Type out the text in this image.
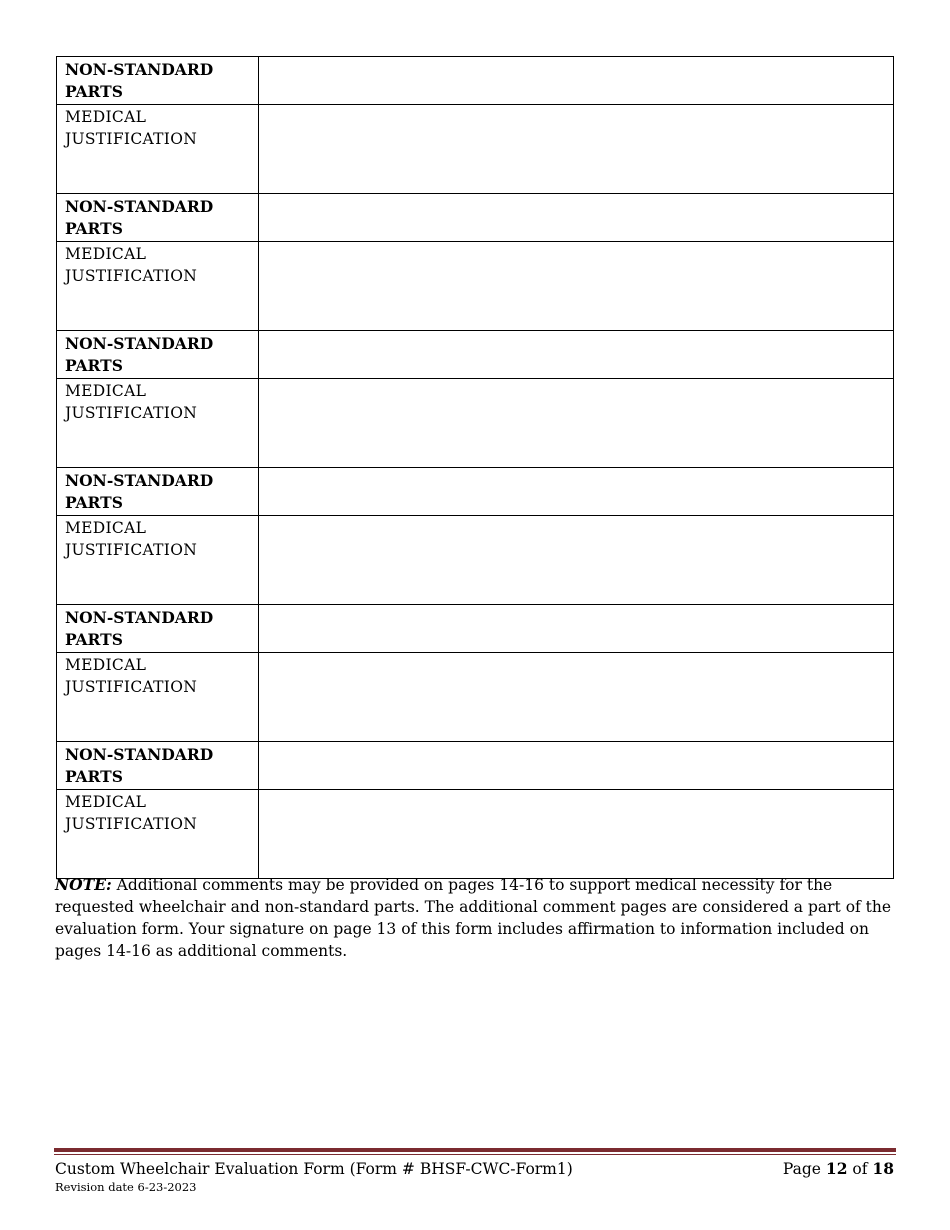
NON-STANDARD PARTS	
MEDICAL JUSTIFICATION	
NON-STANDARD PARTS	
MEDICAL JUSTIFICATION	
NON-STANDARD PARTS	
MEDICAL JUSTIFICATION	
NON-STANDARD PARTS	
MEDICAL JUSTIFICATION	
NON-STANDARD PARTS	
MEDICAL JUSTIFICATION	
NON-STANDARD PARTS	
MEDICAL JUSTIFICATION	

NOTE: Additional comments may be provided on pages 14-16 to support medical necessity for the requested wheelchair and non-standard parts. The additional comment pages are considered a part of the evaluation form. Your signature on page 13 of this form includes affirmation to information included on pages 14-16 as additional comments.

Custom Wheelchair Evaluation Form (Form # BHSF-CWC-Form1)
Revision date 6-23-2023
Page 12 of 18
